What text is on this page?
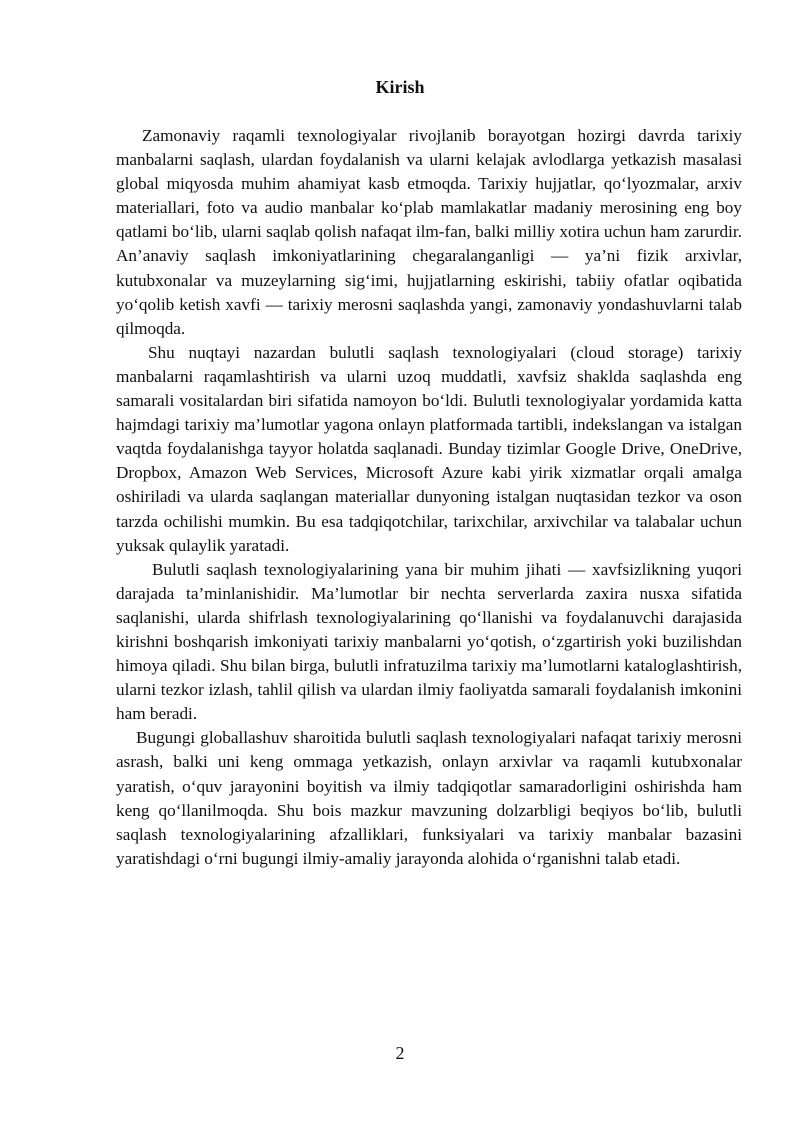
Kirish

Zamonaviy raqamli texnologiyalar rivojlanib borayotgan hozirgi davrda tarixiy manbalarni saqlash, ulardan foydalanish va ularni kelajak avlodlarga yetkazish masalasi global miqyosda muhim ahamiyat kasb etmoqda. Tarixiy hujjatlar, qo‘lyozmalar, arxiv materiallari, foto va audio manbalar ko‘plab mamlakatlar madaniy merosining eng boy qatlami bo‘lib, ularni saqlab qolish nafaqat ilm-fan, balki milliy xotira uchun ham zarurdir. An’anaviy saqlash imkoniyatlarining chegaralanganligi — ya’ni fizik arxivlar, kutubxonalar va muzeylarning sig‘imi, hujjatlarning eskirishi, tabiiy ofatlar oqibatida yo‘qolib ketish xavfi — tarixiy merosni saqlashda yangi, zamonaviy yondashuvlarni talab qilmoqda.

Shu nuqtayi nazardan bulutli saqlash texnologiyalari (cloud storage) tarixiy manbalarni raqamlashtirish va ularni uzoq muddatli, xavfsiz shaklda saqlashda eng samarali vositalardan biri sifatida namoyon bo‘ldi. Bulutli texnologiyalar yordamida katta hajmdagi tarixiy ma’lumotlar yagona onlayn platformada tartibli, indekslangan va istalgan vaqtda foydalanishga tayyor holatda saqlanadi. Bunday tizimlar Google Drive, OneDrive, Dropbox, Amazon Web Services, Microsoft Azure kabi yirik xizmatlar orqali amalga oshiriladi va ularda saqlangan materiallar dunyoning istalgan nuqtasidan tezkor va oson tarzda ochilishi mumkin. Bu esa tadqiqotchilar, tarixchilar, arxivchilar va talabalar uchun yuksak qulaylik yaratadi.

Bulutli saqlash texnologiyalarining yana bir muhim jihati — xavfsizlikning yuqori darajada ta’minlanishidir. Ma’lumotlar bir nechta serverlarda zaxira nusxa sifatida saqlanishi, ularda shifrlash texnologiyalarining qo‘llanishi va foydalanuvchi darajasida kirishni boshqarish imkoniyati tarixiy manbalarni yo‘qotish, o‘zgartirish yoki buzilishdan himoya qiladi. Shu bilan birga, bulutli infratuzilma tarixiy ma’lumotlarni kataloglashtirish, ularni tezkor izlash, tahlil qilish va ulardan ilmiy faoliyatda samarali foydalanish imkonini ham beradi.

Bugungi globallashuv sharoitida bulutli saqlash texnologiyalari nafaqat tarixiy merosni asrash, balki uni keng ommaga yetkazish, onlayn arxivlar va raqamli kutubxonalar yaratish, o‘quv jarayonini boyitish va ilmiy tadqiqotlar samaradorligini oshirishda ham keng qo‘llanilmoqda. Shu bois mazkur mavzuning dolzarbligi beqiyos bo‘lib, bulutli saqlash texnologiyalarining afzalliklari, funksiyalari va tarixiy manbalar bazasini yaratishdagi o‘rni bugungi ilmiy-amaliy jarayonda alohida o‘rganishni talab etadi.

2
